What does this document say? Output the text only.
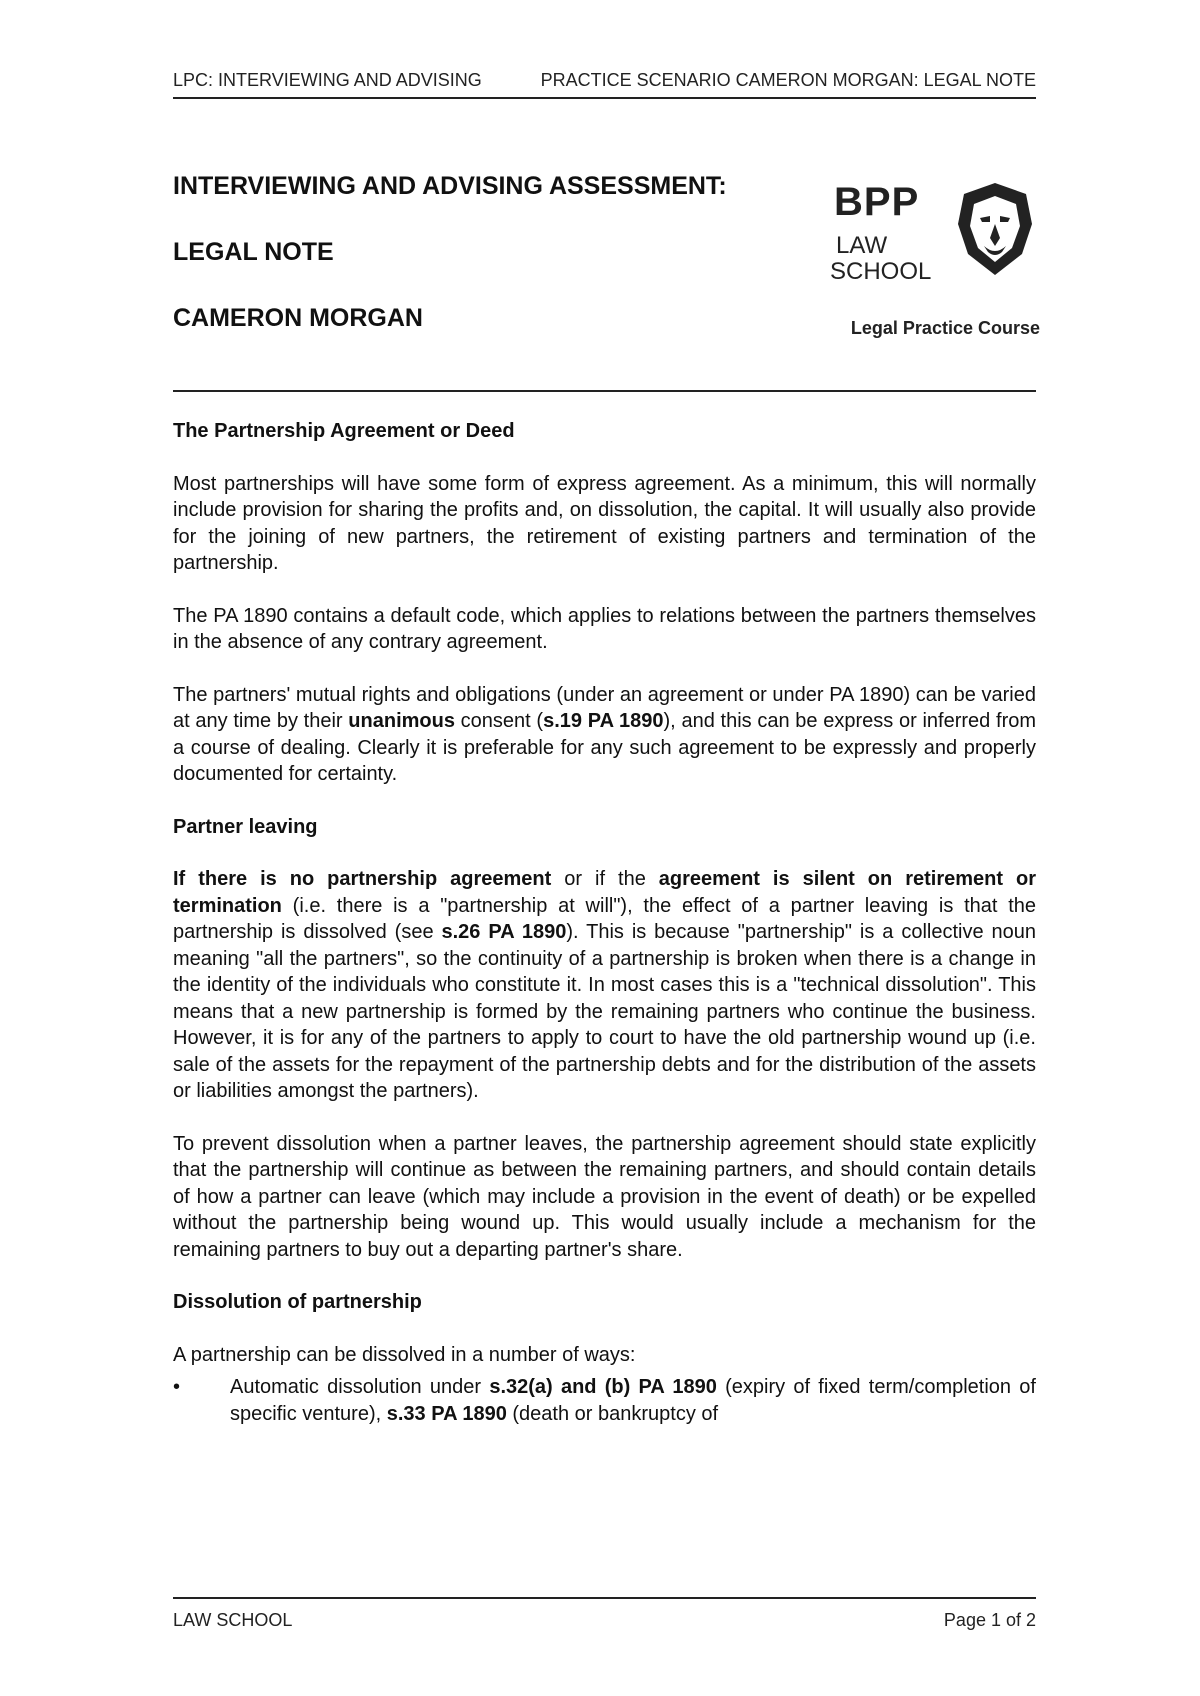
LPC: INTERVIEWING AND ADVISING	PRACTICE SCENARIO CAMERON MORGAN: LEGAL NOTE

INTERVIEWING AND ADVISING ASSESSMENT:

LEGAL NOTE

CAMERON MORGAN

BPP
LAW
SCHOOL
Legal Practice Course
The Partnership Agreement or Deed

Most partnerships will have some form of express agreement. As a minimum, this will normally include provision for sharing the profits and, on dissolution, the capital. It will usually also provide for the joining of new partners, the retirement of existing partners and termination of the partnership.

The PA 1890 contains a default code, which applies to relations between the partners themselves in the absence of any contrary agreement.

The partners' mutual rights and obligations (under an agreement or under PA 1890) can be varied at any time by their unanimous consent (s.19 PA 1890), and this can be express or inferred from a course of dealing. Clearly it is preferable for any such agreement to be expressly and properly documented for certainty.

Partner leaving

If there is no partnership agreement or if the agreement is silent on retirement or termination (i.e. there is a "partnership at will"), the effect of a partner leaving is that the partnership is dissolved (see s.26 PA 1890). This is because "partnership" is a collective noun meaning "all the partners", so the continuity of a partnership is broken when there is a change in the identity of the individuals who constitute it. In most cases this is a "technical dissolution". This means that a new partnership is formed by the remaining partners who continue the business. However, it is for any of the partners to apply to court to have the old partnership wound up (i.e. sale of the assets for the repayment of the partnership debts and for the distribution of the assets or liabilities amongst the partners).

To prevent dissolution when a partner leaves, the partnership agreement should state explicitly that the partnership will continue as between the remaining partners, and should contain details of how a partner can leave (which may include a provision in the event of death) or be expelled without the partnership being wound up. This would usually include a mechanism for the remaining partners to buy out a departing partner's share.

Dissolution of partnership

A partnership can be dissolved in a number of ways:

•	Automatic dissolution under s.32(a) and (b) PA 1890 (expiry of fixed term/completion of specific venture), s.33 PA 1890 (death or bankruptcy of
LAW SCHOOL	Page 1 of 2
